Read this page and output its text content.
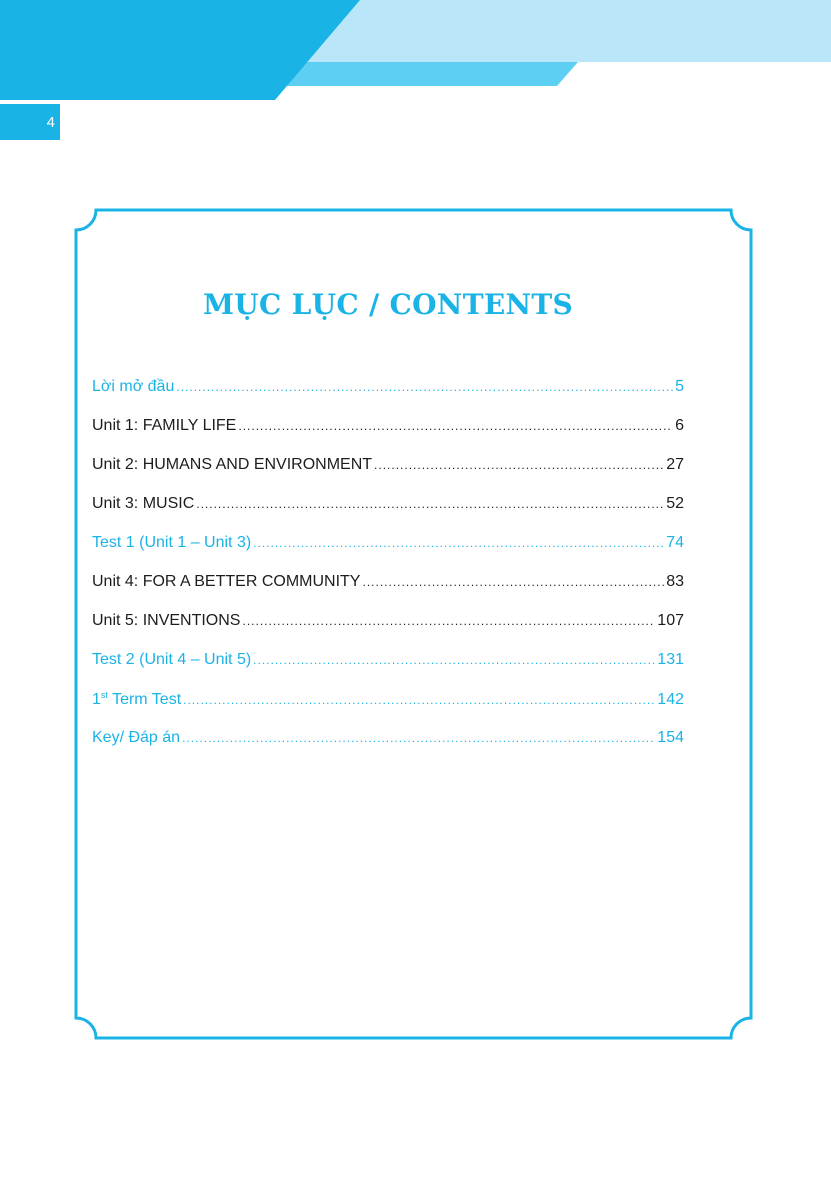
4
MỤC LỤC / CONTENTS
Lời mở đầu .....	5
Unit 1: FAMILY LIFE .....	6
Unit 2: HUMANS AND ENVIRONMENT .....	27
Unit 3: MUSIC .....	52
Test 1 (Unit 1 – Unit 3) .....	74
Unit 4: FOR A BETTER COMMUNITY .....	83
Unit 5: INVENTIONS .....	107
Test 2 (Unit 4 – Unit 5) .....	131
1st Term Test .....	142
Key/ Đáp án .....	154
